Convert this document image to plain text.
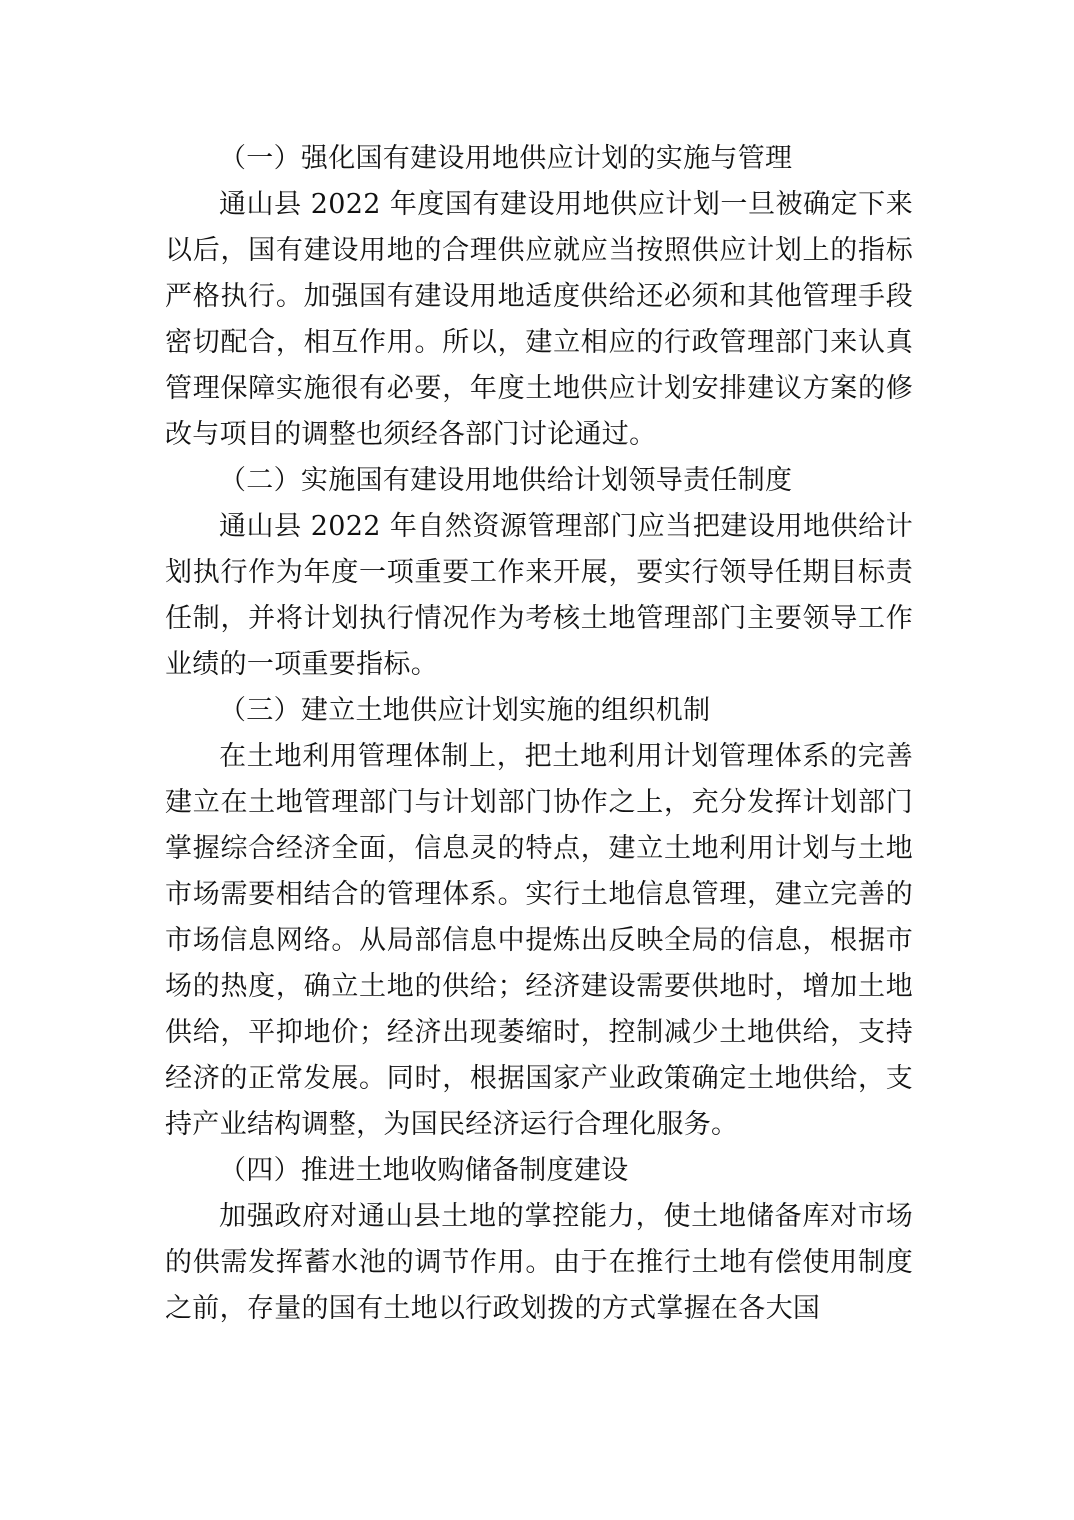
（一）强化国有建设用地供应计划的实施与管理

通山县 2022 年度国有建设用地供应计划一旦被确定下来以后，国有建设用地的合理供应就应当按照供应计划上的指标严格执行。加强国有建设用地适度供给还必须和其他管理手段密切配合，相互作用。所以，建立相应的行政管理部门来认真管理保障实施很有必要，年度土地供应计划安排建议方案的修改与项目的调整也须经各部门讨论通过。

（二）实施国有建设用地供给计划领导责任制度

通山县 2022 年自然资源管理部门应当把建设用地供给计划执行作为年度一项重要工作来开展，要实行领导任期目标责任制，并将计划执行情况作为考核土地管理部门主要领导工作业绩的一项重要指标。

（三）建立土地供应计划实施的组织机制

在土地利用管理体制上，把土地利用计划管理体系的完善建立在土地管理部门与计划部门协作之上，充分发挥计划部门掌握综合经济全面，信息灵的特点，建立土地利用计划与土地市场需要相结合的管理体系。实行土地信息管理，建立完善的市场信息网络。从局部信息中提炼出反映全局的信息，根据市场的热度，确立土地的供给；经济建设需要供地时，增加土地供给，平抑地价；经济出现萎缩时，控制减少土地供给，支持经济的正常发展。同时，根据国家产业政策确定土地供给，支持产业结构调整，为国民经济运行合理化服务。

（四）推进土地收购储备制度建设

加强政府对通山县土地的掌控能力，使土地储备库对市场的供需发挥蓄水池的调节作用。由于在推行土地有偿使用制度之前，存量的国有土地以行政划拨的方式掌握在各大国
